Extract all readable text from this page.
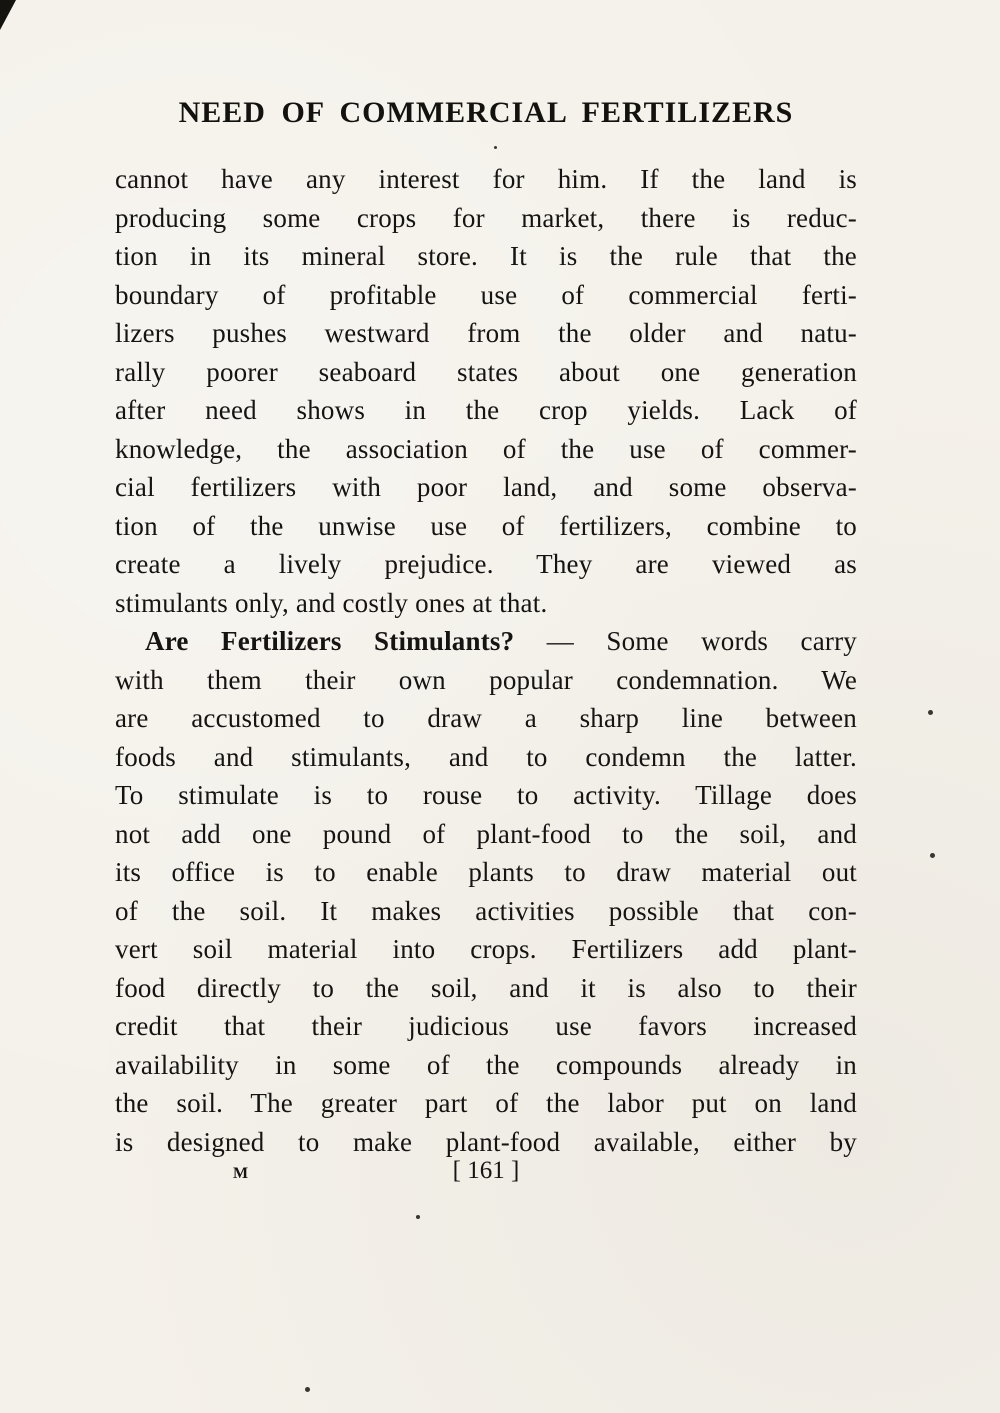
NEED OF COMMERCIAL FERTILIZERS
cannot have any interest for him. If the land is
producing some crops for market, there is reduc-
tion in its mineral store. It is the rule that the
boundary of profitable use of commercial ferti-
lizers pushes westward from the older and natu-
rally poorer seaboard states about one generation
after need shows in the crop yields. Lack of
knowledge, the association of the use of commer-
cial fertilizers with poor land, and some observa-
tion of the unwise use of fertilizers, combine to
create a lively prejudice. They are viewed as
stimulants only, and costly ones at that.
Are Fertilizers Stimulants? — Some words carry
with them their own popular condemnation. We
are accustomed to draw a sharp line between
foods and stimulants, and to condemn the latter.
To stimulate is to rouse to activity. Tillage does
not add one pound of plant-food to the soil, and
its office is to enable plants to draw material out
of the soil. It makes activities possible that con-
vert soil material into crops. Fertilizers add plant-
food directly to the soil, and it is also to their
credit that their judicious use favors increased
availability in some of the compounds already in
the soil. The greater part of the labor put on land
is designed to make plant-food available, either by
M	[ 161 ]
